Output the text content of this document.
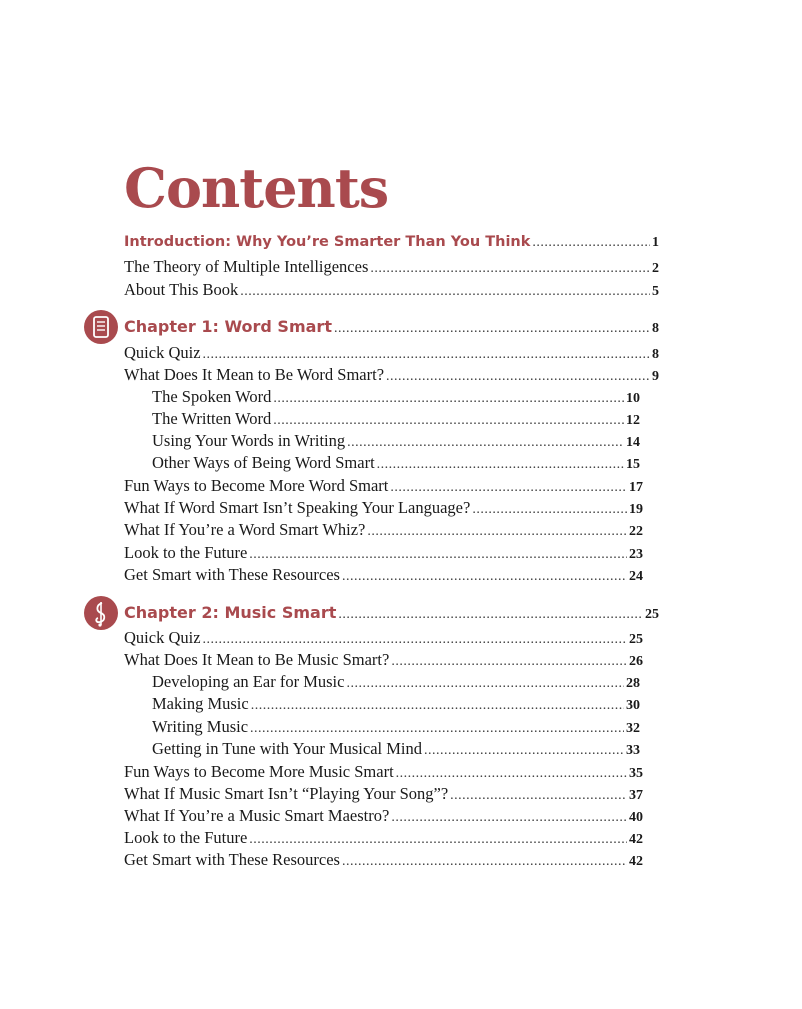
Contents
Introduction: Why You’re Smarter Than You Think .....	1
The Theory of Multiple Intelligences .....	2
About This Book .....	5
Chapter 1: Word Smart .....	8
Quick Quiz .....	8
What Does It Mean to Be Word Smart? .....	9
The Spoken Word .....	10
The Written Word .....	12
Using Your Words in Writing .....	14
Other Ways of Being Word Smart .....	15
Fun Ways to Become More Word Smart .....	17
What If Word Smart Isn’t Speaking Your Language? .....	19
What If You’re a Word Smart Whiz? .....	22
Look to the Future .....	23
Get Smart with These Resources .....	24
Chapter 2: Music Smart .....	25
Quick Quiz .....	25
What Does It Mean to Be Music Smart? .....	26
Developing an Ear for Music .....	28
Making Music .....	30
Writing Music .....	32
Getting in Tune with Your Musical Mind .....	33
Fun Ways to Become More Music Smart .....	35
What If Music Smart Isn’t “Playing Your Song”? .....	37
What If You’re a Music Smart Maestro? .....	40
Look to the Future .....	42
Get Smart with These Resources .....	42
